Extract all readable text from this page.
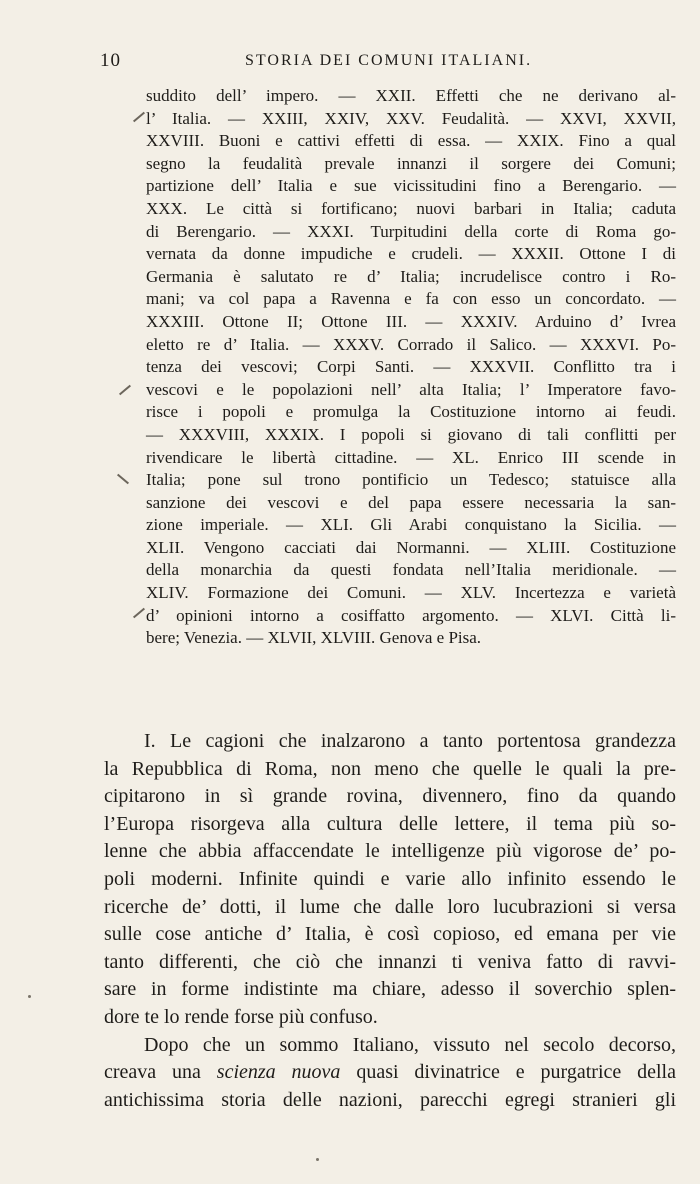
10	STORIA DEI COMUNI ITALIANI.
suddito dell’ impero. — XXII. Effetti che ne derivano al-
l’ Italia. — XXIII, XXIV, XXV. Feudalità. — XXVI, XXVII,
XXVIII. Buoni e cattivi effetti di essa. — XXIX. Fino a qual
segno la feudalità prevale innanzi il sorgere dei Comuni;
partizione dell’ Italia e sue vicissitudini fino a Berengario. —
XXX. Le città si fortificano; nuovi barbari in Italia; caduta
di Berengario. — XXXI. Turpitudini della corte di Roma go-
vernata da donne impudiche e crudeli. — XXXII. Ottone I di
Germania è salutato re d’ Italia; incrudelisce contro i Ro-
mani; va col papa a Ravenna e fa con esso un concordato. —
XXXIII. Ottone II; Ottone III. — XXXIV. Arduino d’ Ivrea
eletto re d’ Italia. — XXXV. Corrado il Salico. — XXXVI. Po-
tenza dei vescovi; Corpi Santi. — XXXVII. Conflitto tra i
vescovi e le popolazioni nell’ alta Italia; l’ Imperatore favo-
risce i popoli e promulga la Costituzione intorno ai feudi.
— XXXVIII, XXXIX. I popoli si giovano di tali conflitti per
rivendicare le libertà cittadine. — XL. Enrico III scende in
Italia; pone sul trono pontificio un Tedesco; statuisce alla
sanzione dei vescovi e del papa essere necessaria la san-
zione imperiale. — XLI. Gli Arabi conquistano la Sicilia. —
XLII. Vengono cacciati dai Normanni. — XLIII. Costituzione
della monarchia da questi fondata nell’Italia meridionale. —
XLIV. Formazione dei Comuni. — XLV. Incertezza e varietà
d’ opinioni intorno a cosiffatto argomento. — XLVI. Città li-
bere; Venezia. — XLVII, XLVIII. Genova e Pisa.
I. Le cagioni che inalzarono a tanto portentosa grandezza
la Repubblica di Roma, non meno che quelle le quali la pre-
cipitarono in sì grande rovina, divennero, fino da quando
l’Europa risorgeva alla cultura delle lettere, il tema più so-
lenne che abbia affaccendate le intelligenze più vigorose de’ po-
poli moderni. Infinite quindi e varie allo infinito essendo le
ricerche de’ dotti, il lume che dalle loro lucubrazioni si versa
sulle cose antiche d’ Italia, è così copioso, ed emana per vie
tanto differenti, che ciò che innanzi ti veniva fatto di ravvi-
sare in forme indistinte ma chiare, adesso il soverchio splen-
dore te lo rende forse più confuso.
Dopo che un sommo Italiano, vissuto nel secolo decorso,
creava una scienza nuova quasi divinatrice e purgatrice della
antichissima storia delle nazioni, parecchi egregi stranieri gli
